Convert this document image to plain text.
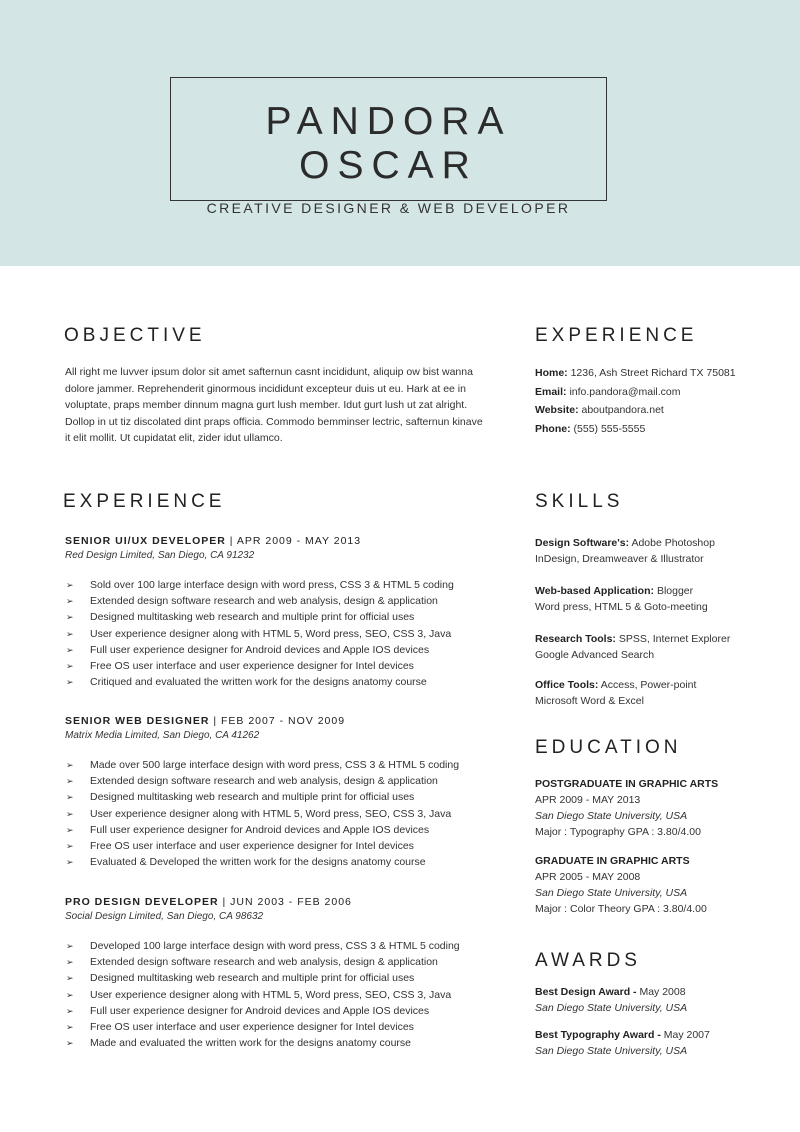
PANDORA OSCAR
CREATIVE DESIGNER & WEB DEVELOPER
OBJECTIVE
All right me luvver ipsum dolor sit amet safternun casnt incididunt, aliquip ow bist wanna dolore jammer. Reprehenderit ginormous incididunt excepteur duis ut eu. Hark at ee in voluptate, praps member dinnum magna gurt lush member. Idut gurt lush ut zat alright. Dollop in ut tiz discolated dint praps officia. Commodo bemminser lectric, safternun kinave it elit mollit. Ut cupidatat elit, zider idut ullamco.
EXPERIENCE
Home: 1236, Ash Street Richard TX 75081
Email: info.pandora@mail.com
Website: aboutpandora.net
Phone: (555) 555-5555
EXPERIENCE
SENIOR UI/UX DEVELOPER | APR 2009 - MAY 2013
Red Design Limited, San Diego, CA 91232
➢ Sold over 100 large interface design with word press, CSS 3 & HTML 5 coding
➢ Extended design software research and web analysis, design & application
➢ Designed multitasking web research and multiple print for official uses
➢ User experience designer along with HTML 5, Word press, SEO, CSS 3, Java
➢ Full user experience designer for Android devices and Apple IOS devices
➢ Free OS user interface and user experience designer for Intel devices
➢ Critiqued and evaluated the written work for the designs anatomy course
SENIOR WEB DESIGNER | FEB 2007 - NOV 2009
Matrix Media Limited, San Diego, CA 41262
➢ Made over 500 large interface design with word press, CSS 3 & HTML 5 coding
➢ Extended design software research and web analysis, design & application
➢ Designed multitasking web research and multiple print for official uses
➢ User experience designer along with HTML 5, Word press, SEO, CSS 3, Java
➢ Full user experience designer for Android devices and Apple IOS devices
➢ Free OS user interface and user experience designer for Intel devices
➢ Evaluated & Developed the written work for the designs anatomy course
PRO DESIGN DEVELOPER | JUN 2003 - FEB 2006
Social Design Limited, San Diego, CA 98632
➢ Developed 100 large interface design with word press, CSS 3 & HTML 5 coding
➢ Extended design software research and web analysis, design & application
➢ Designed multitasking web research and multiple print for official uses
➢ User experience designer along with HTML 5, Word press, SEO, CSS 3, Java
➢ Full user experience designer for Android devices and Apple IOS devices
➢ Free OS user interface and user experience designer for Intel devices
➢ Made and evaluated the written work for the designs anatomy course
SKILLS
Design Software's: Adobe Photoshop
InDesign, Dreamweaver & Illustrator
Web-based Application: Blogger
Word press, HTML 5 & Goto-meeting
Research Tools: SPSS, Internet Explorer
Google Advanced Search
Office Tools: Access, Power-point
Microsoft Word & Excel
EDUCATION
POSTGRADUATE IN GRAPHIC ARTS
APR 2009 - MAY 2013
San Diego State University, USA
Major : Typography GPA : 3.80/4.00
GRADUATE IN GRAPHIC ARTS
APR 2005 - MAY 2008
San Diego State University, USA
Major : Color Theory GPA : 3.80/4.00
AWARDS
Best Design Award - May 2008
San Diego State University, USA
Best Typography Award - May 2007
San Diego State University, USA
